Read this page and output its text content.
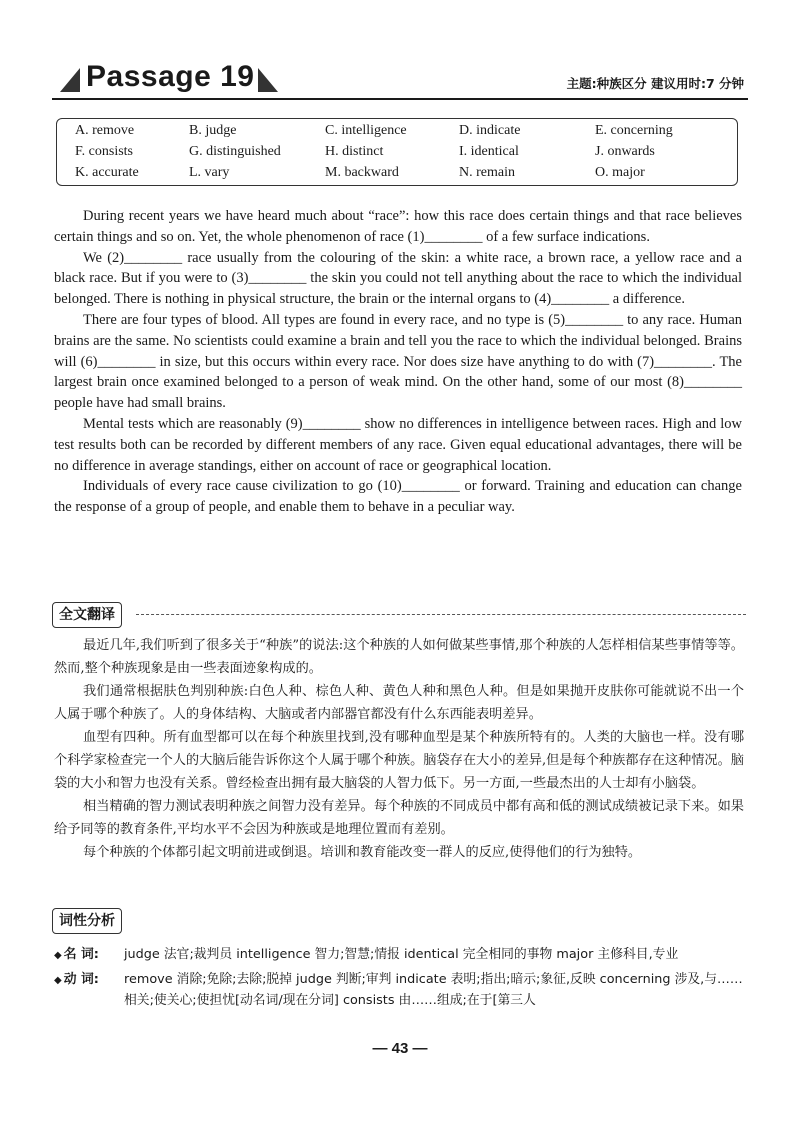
Passage 19	主题:种族区分 建议用时:7 分钟
A. remove	B. judge	C. intelligence	D. indicate	E. concerning
F. consists	G. distinguished	H. distinct	I. identical	J. onwards
K. accurate	L. vary	M. backward	N. remain	O. major

During recent years we have heard much about “race”: how this race does certain things and that race believes certain things and so on. Yet, the whole phenomenon of race (1)________ of a few surface indications.

We (2)________ race usually from the colouring of the skin: a white race, a brown race, a yellow race and a black race. But if you were to (3)________ the skin you could not tell anything about the race to which the individual belonged. There is nothing in physical structure, the brain or the internal organs to (4)________ a difference.

There are four types of blood. All types are found in every race, and no type is (5)________ to any race. Human brains are the same. No scientists could examine a brain and tell you the race to which the individual belonged. Brains will (6)________ in size, but this occurs within every race. Nor does size have anything to do with (7)________. The largest brain once examined belonged to a person of weak mind. On the other hand, some of our most (8)________ people have had small brains.

Mental tests which are reasonably (9)________ show no differences in intelligence between races. High and low test results both can be recorded by different members of any race. Given equal educational advantages, there will be no difference in average standings, either on account of race or geographical location.

Individuals of every race cause civilization to go (10)________ or forward. Training and education can change the response of a group of people, and enable them to behave in a peculiar way.

全文翻译

最近几年,我们听到了很多关于“种族”的说法:这个种族的人如何做某些事情,那个种族的人怎样相信某些事情等等。然而,整个种族现象是由一些表面迹象构成的。

我们通常根据肤色判别种族:白色人种、棕色人种、黄色人种和黑色人种。但是如果抛开皮肤你可能就说不出一个人属于哪个种族了。人的身体结构、大脑或者内部器官都没有什么东西能表明差异。

血型有四种。所有血型都可以在每个种族里找到,没有哪种血型是某个种族所特有的。人类的大脑也一样。没有哪个科学家检查完一个人的大脑后能告诉你这个人属于哪个种族。脑袋存在大小的差异,但是每个种族都存在这种情况。脑袋的大小和智力也没有关系。曾经检查出拥有最大脑袋的人智力低下。另一方面,一些最杰出的人士却有小脑袋。

相当精确的智力测试表明种族之间智力没有差异。每个种族的不同成员中都有高和低的测试成绩被记录下来。如果给予同等的教育条件,平均水平不会因为种族或是地理位置而有差别。

每个种族的个体都引起文明前进或倒退。培训和教育能改变一群人的反应,使得他们的行为独特。

词性分析
◆ 名 词: judge 法官;裁判员 intelligence 智力;智慧;情报 identical 完全相同的事物 major 主修科目,专业
◆ 动 词: remove 消除;免除;去除;脱掉 judge 判断;审判 indicate 表明;指出;暗示;象征,反映 concerning 涉及,与……相关;使关心;使担忧[动名词/现在分词] consists 由……组成;在于[第三人
— 43 —
